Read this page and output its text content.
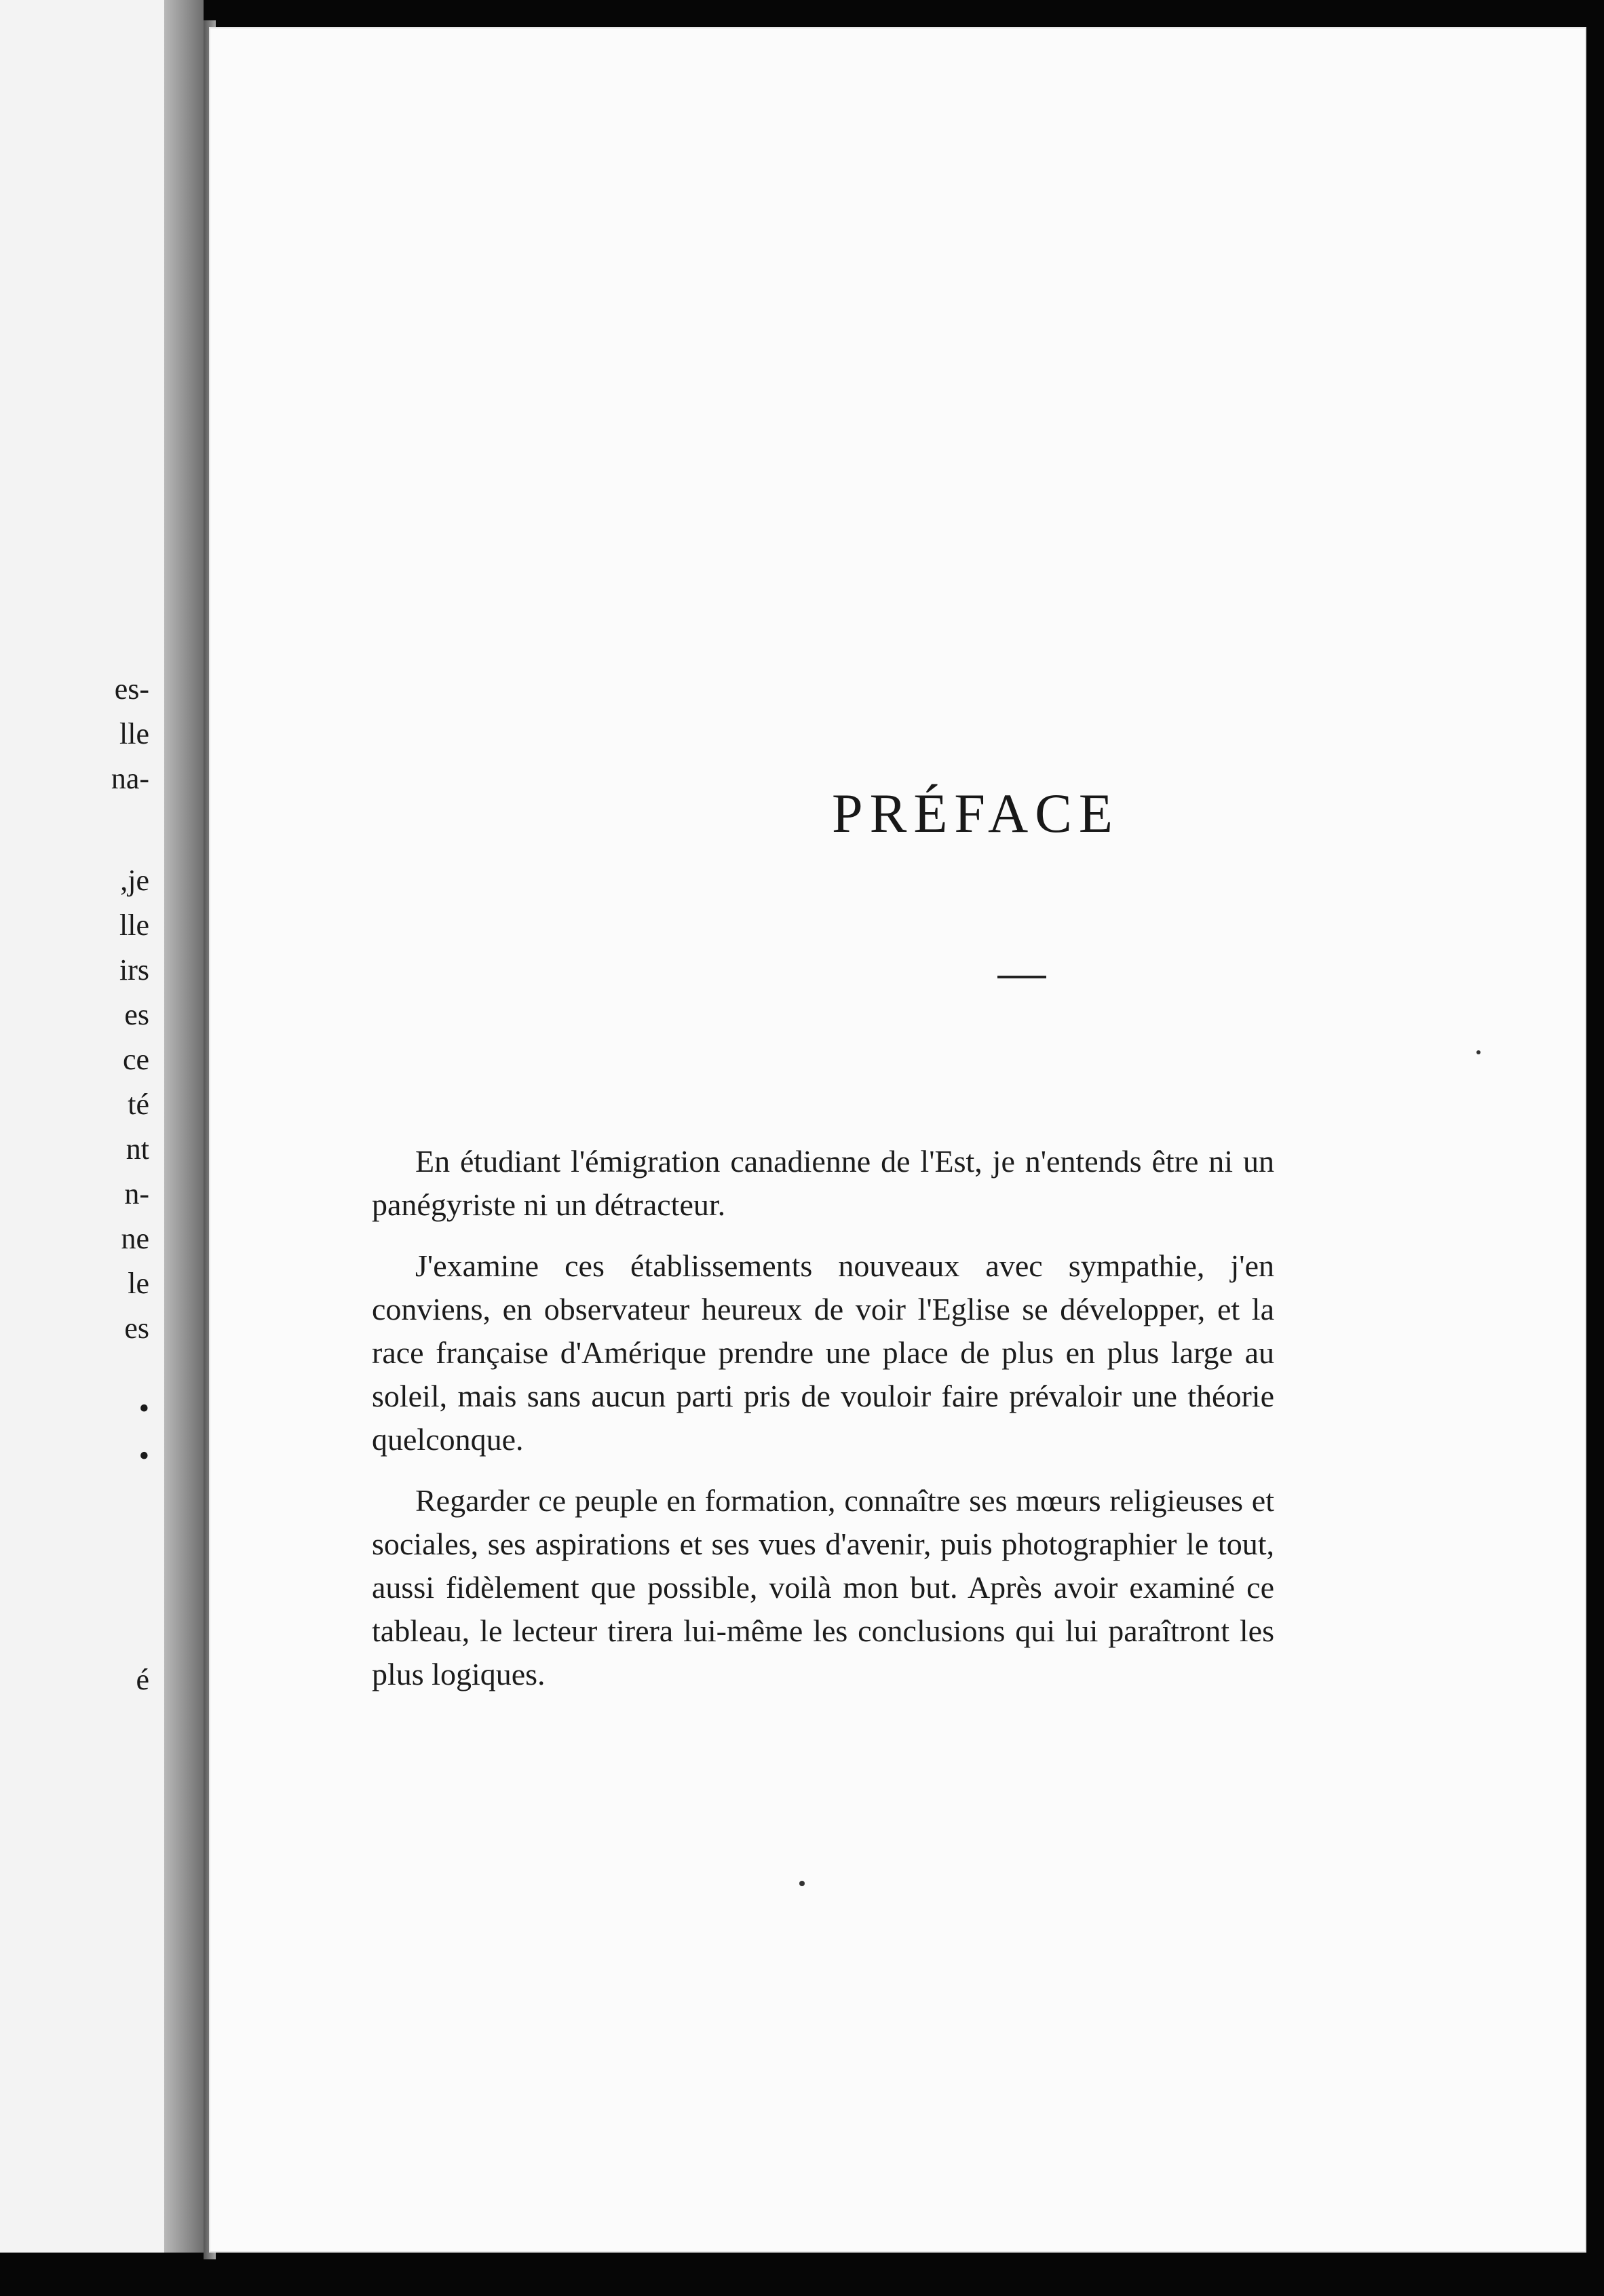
es-
lle
na-
,je
lle
irs
es
ce
té
nt
n-
ne
le
es
•
•
é
PRÉFACE

En étudiant l'émigration canadienne de l'Est, je n'entends être ni un panégyriste ni un détracteur.

J'examine ces établissements nouveaux avec sympathie, j'en conviens, en observateur heureux de voir l'Eglise se développer, et la race française d'Amérique prendre une place de plus en plus large au soleil, mais sans aucun parti pris de vouloir faire prévaloir une théorie quelconque.

Regarder ce peuple en formation, connaître ses mœurs religieuses et sociales, ses aspirations et ses vues d'avenir, puis photographier le tout, aussi fidèlement que possible, voilà mon but. Après avoir examiné ce tableau, le lecteur tirera lui-même les conclusions qui lui paraîtront les plus logiques.
